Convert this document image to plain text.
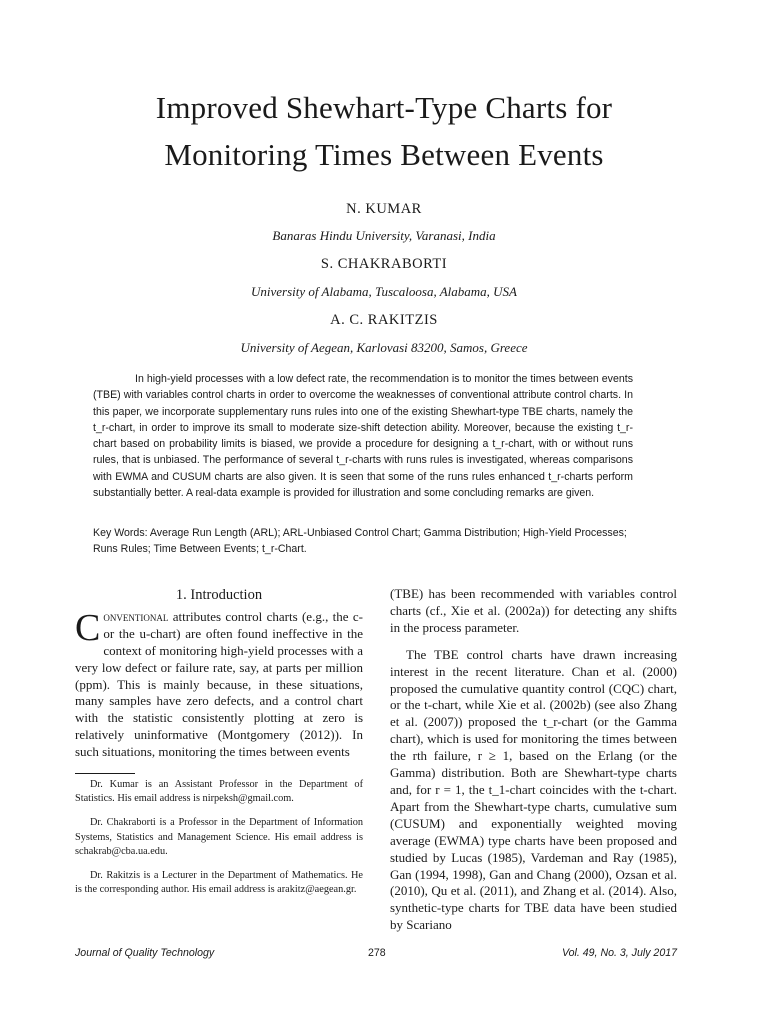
Improved Shewhart-Type Charts for
Monitoring Times Between Events
N. KUMAR
Banaras Hindu University, Varanasi, India
S. CHAKRABORTI
University of Alabama, Tuscaloosa, Alabama, USA
A. C. RAKITZIS
University of Aegean, Karlovasi 83200, Samos, Greece

In high-yield processes with a low defect rate, the recommendation is to monitor the times between events (TBE) with variables control charts in order to overcome the weaknesses of conventional attribute control charts. In this paper, we incorporate supplementary runs rules into one of the existing Shewhart-type TBE charts, namely the t_r-chart, in order to improve its small to moderate size-shift detection ability. Moreover, because the existing t_r-chart based on probability limits is biased, we provide a procedure for designing a t_r-chart, with or without runs rules, that is unbiased. The performance of several t_r-charts with runs rules is investigated, whereas comparisons with EWMA and CUSUM charts are also given. It is seen that some of the runs rules enhanced t_r-charts perform substantially better. A real-data example is provided for illustration and some concluding remarks are given.

Key Words: Average Run Length (ARL); ARL-Unbiased Control Chart; Gamma Distribution; High-Yield Processes; Runs Rules; Time Between Events; t_r-Chart.

1. Introduction

Conventional attributes control charts (e.g., the c- or the u-chart) are often found ineffective in the context of monitoring high-yield processes with a very low defect or failure rate, say, at parts per million (ppm). This is mainly because, in these situations, many samples have zero defects, and a control chart with the statistic consistently plotting at zero is relatively uninformative (Montgomery (2012)). In such situations, monitoring the times between events

Dr. Kumar is an Assistant Professor in the Department of Statistics. His email address is nirpeksh@gmail.com.

Dr. Chakraborti is a Professor in the Department of Information Systems, Statistics and Management Science. His email address is schakrab@cba.ua.edu.

Dr. Rakitzis is a Lecturer in the Department of Mathematics. He is the corresponding author. His email address is arakitz@aegean.gr.

(TBE) has been recommended with variables control charts (cf., Xie et al. (2002a)) for detecting any shifts in the process parameter.

The TBE control charts have drawn increasing interest in the recent literature. Chan et al. (2000) proposed the cumulative quantity control (CQC) chart, or the t-chart, while Xie et al. (2002b) (see also Zhang et al. (2007)) proposed the t_r-chart (or the Gamma chart), which is used for monitoring the times between the rth failure, r ≥ 1, based on the Erlang (or the Gamma) distribution. Both are Shewhart-type charts and, for r = 1, the t_1-chart coincides with the t-chart. Apart from the Shewhart-type charts, cumulative sum (CUSUM) and exponentially weighted moving average (EWMA) type charts have been proposed and studied by Lucas (1985), Vardeman and Ray (1985), Gan (1994, 1998), Gan and Chang (2000), Ozsan et al. (2010), Qu et al. (2011), and Zhang et al. (2014). Also, synthetic-type charts for TBE data have been studied by Scariano

Journal of Quality Technology	278	Vol. 49, No. 3, July 2017
